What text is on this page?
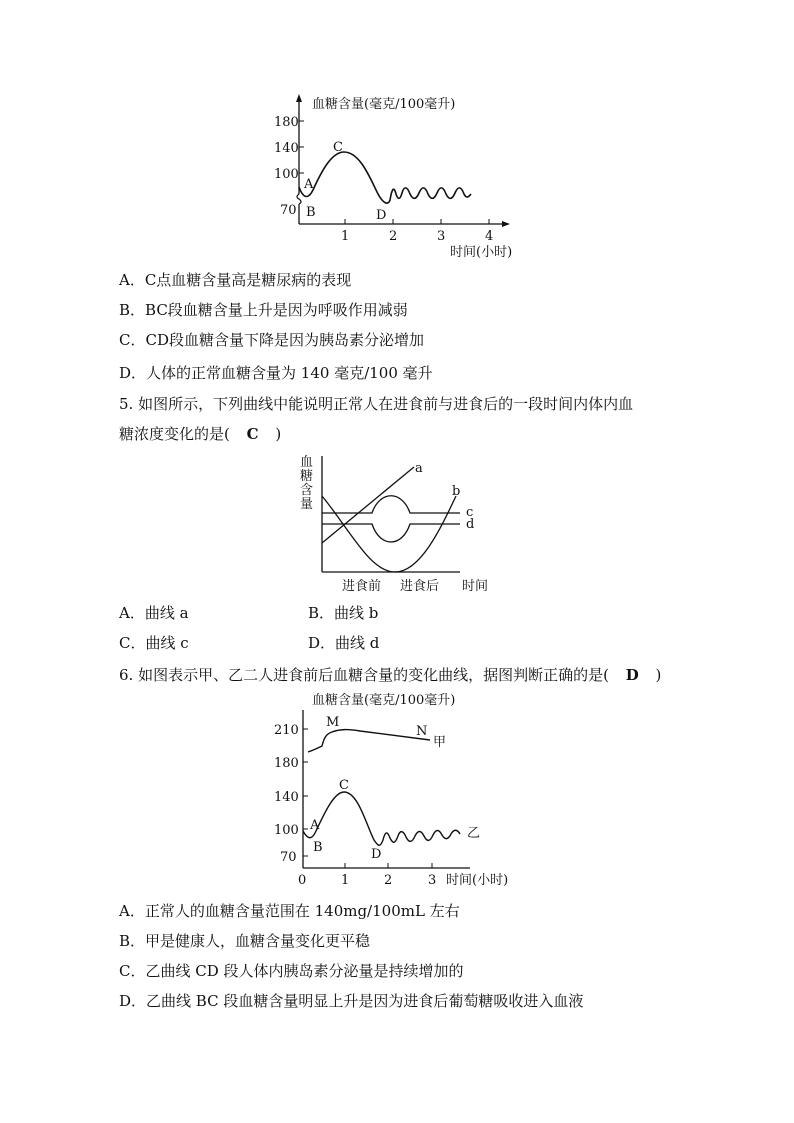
血糖含量(毫克/100毫升)
180
140
100
70
1	2	3	4
时间(小时)
A
B
C
D
A．C点血糖含量高是糖尿病的表现
B．BC段血糖含量上升是因为呼吸作用减弱
C．CD段血糖含量下降是因为胰岛素分泌增加
D．人体的正常血糖含量为 140 毫克/100 毫升
5. 如图所示，下列曲线中能说明正常人在进食前与进食后的一段时间内体内血
糖浓度变化的是( C )
血
糖
含
量
a
b
c
d
进食前 进食后 时间
A．曲线 a	B．曲线 b
C．曲线 c	D．曲线 d
6. 如图表示甲、乙二人进食前后血糖含量的变化曲线，据图判断正确的是( D )
血糖含量(毫克/100毫升)
210
180
140
100
70
0	1	2	3 时间(小时)
M
N
甲
A
B
C
D
乙
A．正常人的血糖含量范围在 140mg/100mL 左右
B．甲是健康人，血糖含量变化更平稳
C．乙曲线 CD 段人体内胰岛素分泌量是持续增加的
D．乙曲线 BC 段血糖含量明显上升是因为进食后葡萄糖吸收进入血液
